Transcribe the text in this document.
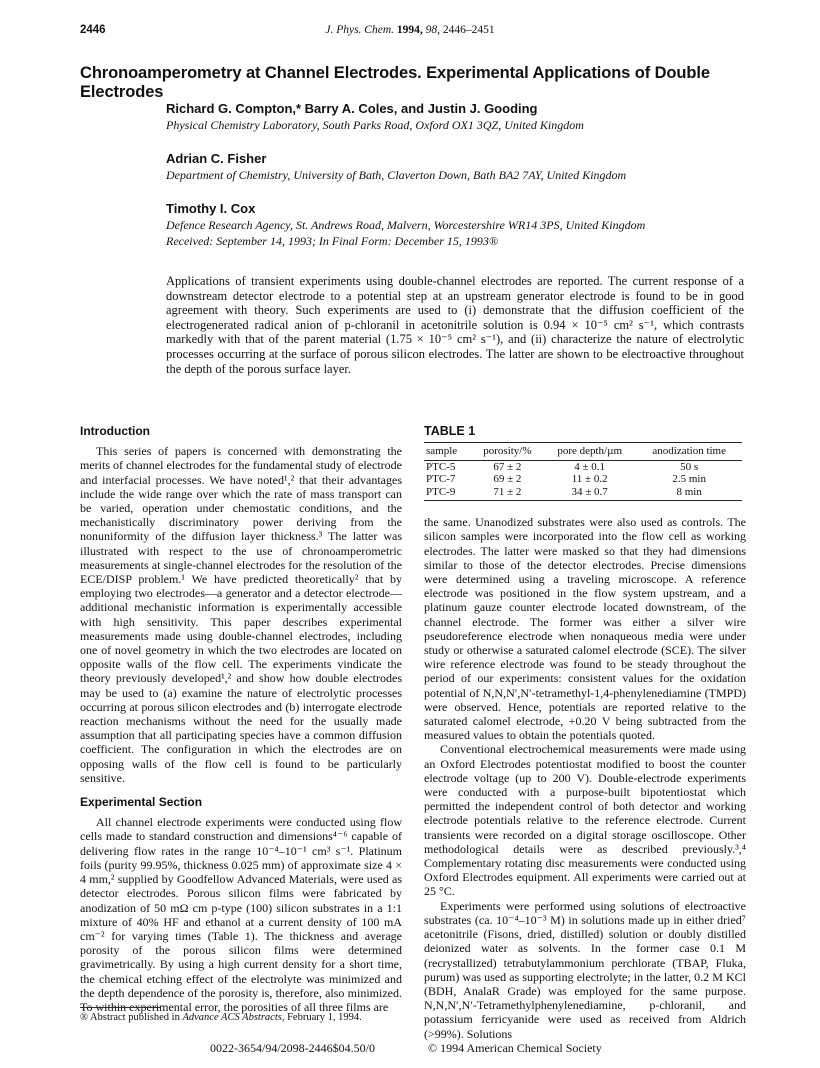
2446	J. Phys. Chem. 1994, 98, 2446–2451
Chronoamperometry at Channel Electrodes. Experimental Applications of Double Electrodes
Richard G. Compton,* Barry A. Coles, and Justin J. Gooding
Physical Chemistry Laboratory, South Parks Road, Oxford OX1 3QZ, United Kingdom
Adrian C. Fisher
Department of Chemistry, University of Bath, Claverton Down, Bath BA2 7AY, United Kingdom
Timothy I. Cox
Defence Research Agency, St. Andrews Road, Malvern, Worcestershire WR14 3PS, United Kingdom
Received: September 14, 1993; In Final Form: December 15, 1993®
Applications of transient experiments using double-channel electrodes are reported. The current response of a downstream detector electrode to a potential step at an upstream generator electrode is found to be in good agreement with theory. Such experiments are used to (i) demonstrate that the diffusion coefficient of the electrogenerated radical anion of p-chloranil in acetonitrile solution is 0.94 × 10⁻⁵ cm² s⁻¹, which contrasts markedly with that of the parent material (1.75 × 10⁻⁵ cm² s⁻¹), and (ii) characterize the nature of electrolytic processes occurring at the surface of porous silicon electrodes. The latter are shown to be electroactive throughout the depth of the porous surface layer.
Introduction

This series of papers is concerned with demonstrating the merits of channel electrodes for the fundamental study of electrode and interfacial processes. We have noted¹,² that their advantages include the wide range over which the rate of mass transport can be varied, operation under chemostatic conditions, and the mechanistically discriminatory power deriving from the nonuniformity of the diffusion layer thickness.³ The latter was illustrated with respect to the use of chronoamperometric measurements at single-channel electrodes for the resolution of the ECE/DISP problem.¹ We have predicted theoretically² that by employing two electrodes—a generator and a detector electrode—additional mechanistic information is experimentally accessible with high sensitivity. This paper describes experimental measurements made using double-channel electrodes, including one of novel geometry in which the two electrodes are located on opposite walls of the flow cell. The experiments vindicate the theory previously developed¹,² and show how double electrodes may be used to (a) examine the nature of electrolytic processes occurring at porous silicon electrodes and (b) interrogate electrode reaction mechanisms without the need for the usually made assumption that all participating species have a common diffusion coefficient. The configuration in which the electrodes are on opposing walls of the flow cell is found to be particularly sensitive.

Experimental Section

All channel electrode experiments were conducted using flow cells made to standard construction and dimensions⁴⁻⁶ capable of delivering flow rates in the range 10⁻⁴–10⁻¹ cm³ s⁻¹. Platinum foils (purity 99.95%, thickness 0.025 mm) of approximate size 4 × 4 mm,² supplied by Goodfellow Advanced Materials, were used as detector electrodes. Porous silicon films were fabricated by anodization of 50 mΩ cm p-type (100) silicon substrates in a 1:1 mixture of 40% HF and ethanol at a current density of 100 mA cm⁻² for varying times (Table 1). The thickness and average porosity of the porous silicon films were determined gravimetrically. By using a high current density for a short time, the chemical etching effect of the electrolyte was minimized and the depth dependence of the porosity is, therefore, also minimized. To within experimental error, the porosities of all three films are

TABLE 1
sample	porosity/%	pore depth/µm	anodization time
PTC-5	67 ± 2	4 ± 0.1	50 s
PTC-7	69 ± 2	11 ± 0.2	2.5 min
PTC-9	71 ± 2	34 ± 0.7	8 min

the same. Unanodized substrates were also used as controls. The silicon samples were incorporated into the flow cell as working electrodes. The latter were masked so that they had dimensions similar to those of the detector electrodes. Precise dimensions were determined using a traveling microscope. A reference electrode was positioned in the flow system upstream, and a platinum gauze counter electrode located downstream, of the channel electrode. The former was either a silver wire pseudoreference electrode when nonaqueous media were under study or otherwise a saturated calomel electrode (SCE). The silver wire reference electrode was found to be steady throughout the period of our experiments: consistent values for the oxidation potential of N,N,N′,N′-tetramethyl-1,4-phenylenediamine (TMPD) were observed. Hence, potentials are reported relative to the saturated calomel electrode, +0.20 V being subtracted from the measured values to obtain the potentials quoted.

Conventional electrochemical measurements were made using an Oxford Electrodes potentiostat modified to boost the counter electrode voltage (up to 200 V). Double-electrode experiments were conducted with a purpose-built bipotentiostat which permitted the independent control of both detector and working electrode potentials relative to the reference electrode. Current transients were recorded on a digital storage oscilloscope. Other methodological details were as described previously.³,⁴ Complementary rotating disc measurements were conducted using Oxford Electrodes equipment. All experiments were carried out at 25 °C.

Experiments were performed using solutions of electroactive substrates (ca. 10⁻⁴–10⁻³ M) in solutions made up in either dried⁷ acetonitrile (Fisons, dried, distilled) solution or doubly distilled deionized water as solvents. In the former case 0.1 M (recrystallized) tetrabutylammonium perchlorate (TBAP, Fluka, purum) was used as supporting electrolyte; in the latter, 0.2 M KCl (BDH, AnalaR Grade) was employed for the same purpose. N,N,N′,N′-Tetramethylphenylenediamine, p-chloranil, and potassium ferricyanide were used as received from Aldrich (>99%). Solutions

® Abstract published in Advance ACS Abstracts, February 1, 1994.
0022-3654/94/2098-2446$04.50/0	© 1994 American Chemical Society
